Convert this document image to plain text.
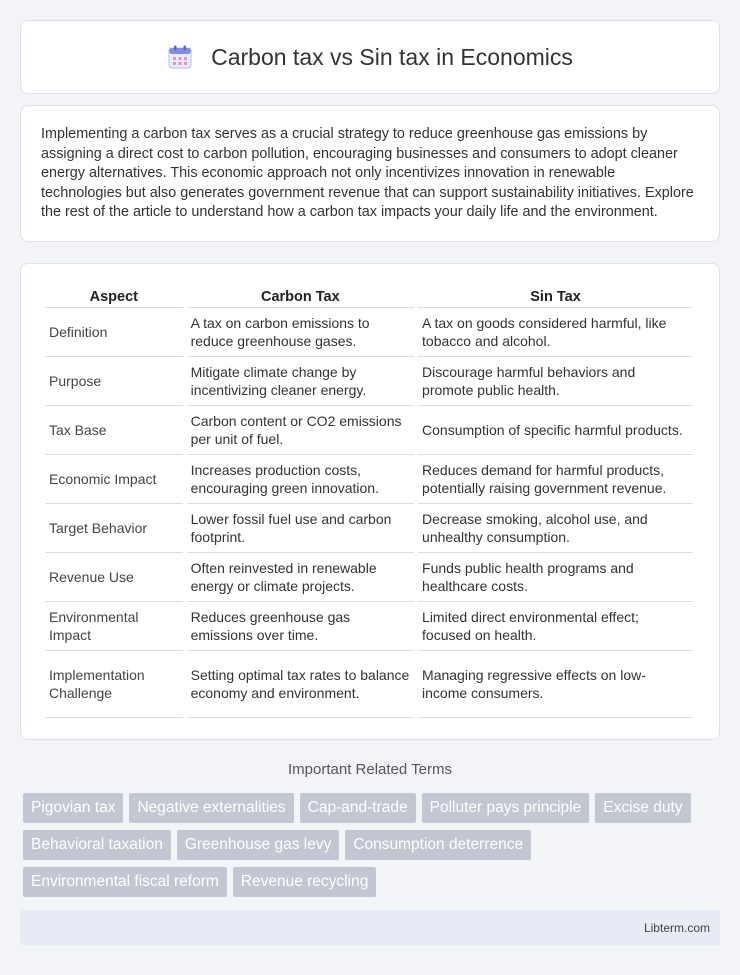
Carbon tax vs Sin tax in Economics

Implementing a carbon tax serves as a crucial strategy to reduce greenhouse gas emissions by assigning a direct cost to carbon pollution, encouraging businesses and consumers to adopt cleaner energy alternatives. This economic approach not only incentivizes innovation in renewable technologies but also generates government revenue that can support sustainability initiatives. Explore the rest of the article to understand how a carbon tax impacts your daily life and the environment.

Aspect	Carbon Tax	Sin Tax
Definition	A tax on carbon emissions to reduce greenhouse gases.	A tax on goods considered harmful, like tobacco and alcohol.
Purpose	Mitigate climate change by incentivizing cleaner energy.	Discourage harmful behaviors and promote public health.
Tax Base	Carbon content or CO2 emissions per unit of fuel.	Consumption of specific harmful products.
Economic Impact	Increases production costs, encouraging green innovation.	Reduces demand for harmful products, potentially raising government revenue.
Target Behavior	Lower fossil fuel use and carbon footprint.	Decrease smoking, alcohol use, and unhealthy consumption.
Revenue Use	Often reinvested in renewable energy or climate projects.	Funds public health programs and healthcare costs.
Environmental Impact	Reduces greenhouse gas emissions over time.	Limited direct environmental effect; focused on health.
Implementation Challenge	Setting optimal tax rates to balance economy and environment.	Managing regressive effects on low-income consumers.
Important Related Terms
Pigovian tax	Negative externalities	Cap-and-trade	Polluter pays principle	Excise duty
Behavioral taxation	Greenhouse gas levy	Consumption deterrence
Environmental fiscal reform	Revenue recycling
Libterm.com
